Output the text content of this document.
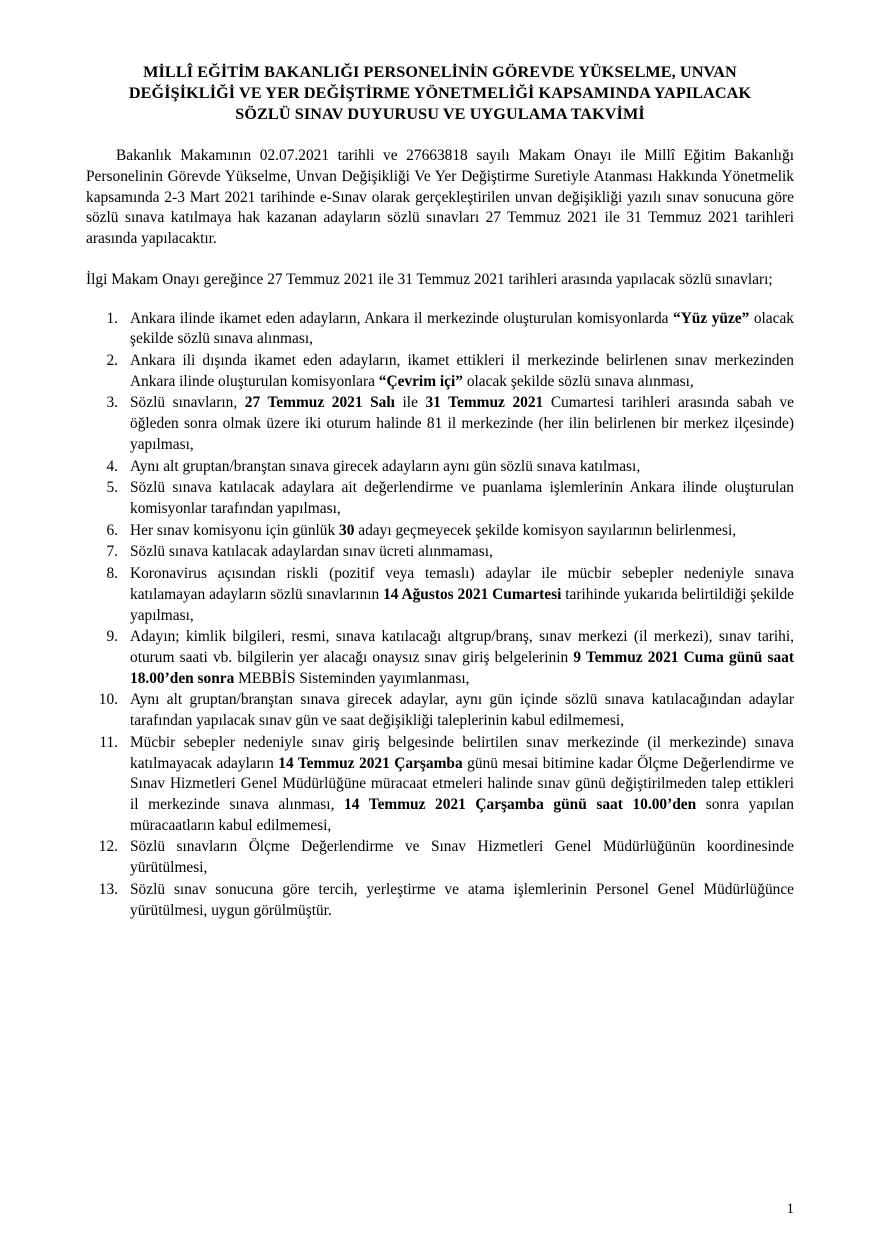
MİLLÎ EĞİTİM BAKANLIĞI PERSONELİNİN GÖREVDE YÜKSELME, UNVAN
DEĞİŞİKLİĞİ VE YER DEĞİŞTİRME YÖNETMELİĞİ KAPSAMINDA YAPILACAK
SÖZLÜ SINAV DUYURUSU VE UYGULAMA TAKVİMİ

Bakanlık Makamının 02.07.2021 tarihli ve 27663818 sayılı Makam Onayı ile Millî Eğitim Bakanlığı Personelinin Görevde Yükselme, Unvan Değişikliği Ve Yer Değiştirme Suretiyle Atanması Hakkında Yönetmelik kapsamında 2-3 Mart 2021 tarihinde e-Sınav olarak gerçekleştirilen unvan değişikliği yazılı sınav sonucuna göre sözlü sınava katılmaya hak kazanan adayların sözlü sınavları 27 Temmuz 2021 ile 31 Temmuz 2021 tarihleri arasında yapılacaktır.

İlgi Makam Onayı gereğince 27 Temmuz 2021 ile 31 Temmuz 2021 tarihleri arasında yapılacak sözlü sınavları;

1. Ankara ilinde ikamet eden adayların, Ankara il merkezinde oluşturulan komisyonlarda “Yüz yüze” olacak şekilde sözlü sınava alınması,
2. Ankara ili dışında ikamet eden adayların, ikamet ettikleri il merkezinde belirlenen sınav merkezinden Ankara ilinde oluşturulan komisyonlara “Çevrim içi” olacak şekilde sözlü sınava alınması,
3. Sözlü sınavların, 27 Temmuz 2021 Salı ile 31 Temmuz 2021 Cumartesi tarihleri arasında sabah ve öğleden sonra olmak üzere iki oturum halinde 81 il merkezinde (her ilin belirlenen bir merkez ilçesinde) yapılması,
4. Aynı alt gruptan/branştan sınava girecek adayların aynı gün sözlü sınava katılması,
5. Sözlü sınava katılacak adaylara ait değerlendirme ve puanlama işlemlerinin Ankara ilinde oluşturulan komisyonlar tarafından yapılması,
6. Her sınav komisyonu için günlük 30 adayı geçmeyecek şekilde komisyon sayılarının belirlenmesi,
7. Sözlü sınava katılacak adaylardan sınav ücreti alınmaması,
8. Koronavirus açısından riskli (pozitif veya temaslı) adaylar ile mücbir sebepler nedeniyle sınava katılamayan adayların sözlü sınavlarının 14 Ağustos 2021 Cumartesi tarihinde yukarıda belirtildiği şekilde yapılması,
9. Adayın; kimlik bilgileri, resmi, sınava katılacağı altgrup/branş, sınav merkezi (il merkezi), sınav tarihi, oturum saati vb. bilgilerin yer alacağı onaysız sınav giriş belgelerinin 9 Temmuz 2021 Cuma günü saat 18.00’den sonra MEBBİS Sisteminden yayımlanması,
10. Aynı alt gruptan/branştan sınava girecek adaylar, aynı gün içinde sözlü sınava katılacağından adaylar tarafından yapılacak sınav gün ve saat değişikliği taleplerinin kabul edilmemesi,
11. Mücbir sebepler nedeniyle sınav giriş belgesinde belirtilen sınav merkezinde (il merkezinde) sınava katılmayacak adayların 14 Temmuz 2021 Çarşamba günü mesai bitimine kadar Ölçme Değerlendirme ve Sınav Hizmetleri Genel Müdürlüğüne müracaat etmeleri halinde sınav günü değiştirilmeden talep ettikleri il merkezinde sınava alınması, 14 Temmuz 2021 Çarşamba günü saat 10.00’den sonra yapılan müracaatların kabul edilmemesi,
12. Sözlü sınavların Ölçme Değerlendirme ve Sınav Hizmetleri Genel Müdürlüğünün koordinesinde yürütülmesi,
13. Sözlü sınav sonucuna göre tercih, yerleştirme ve atama işlemlerinin Personel Genel Müdürlüğünce yürütülmesi, uygun görülmüştür.
1
